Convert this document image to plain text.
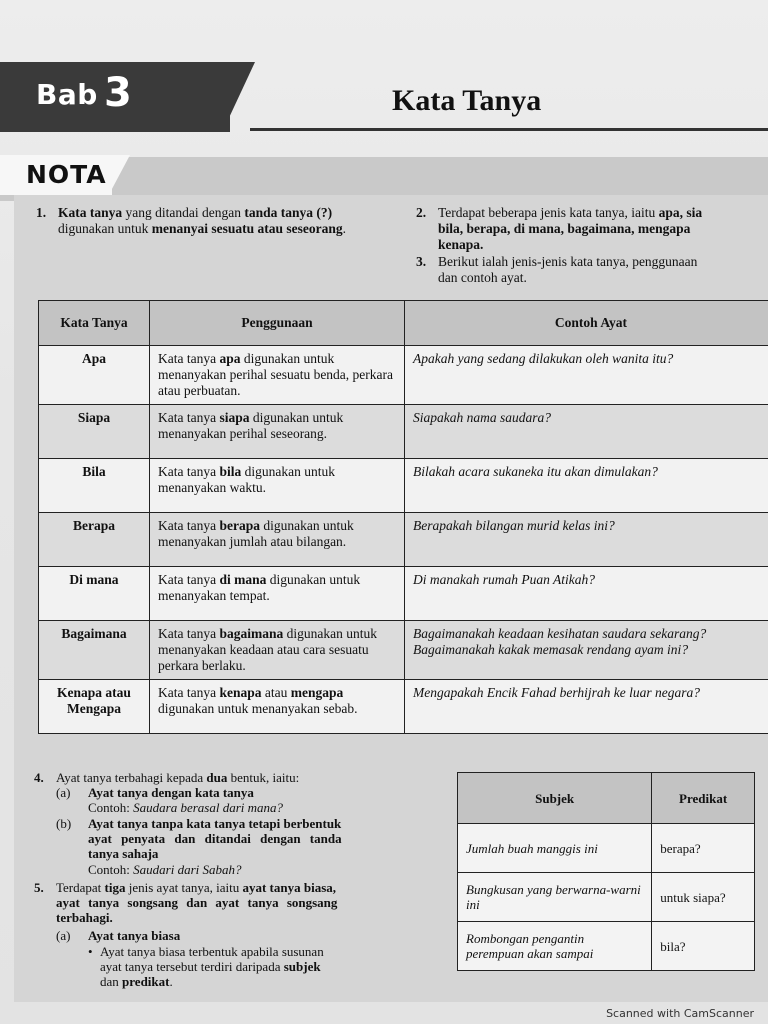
Bab 3	Kata Tanya
NOTA
1. Kata tanya yang ditandai dengan tanda tanya (?)
digunakan untuk menanyai sesuatu atau seseorang.
2. Terdapat beberapa jenis kata tanya, iaitu apa, sia
bila, berapa, di mana, bagaimana, mengapa
kenapa.
3. Berikut ialah jenis-jenis kata tanya, penggunaan
dan contoh ayat.
Kata Tanya	Penggunaan	Contoh Ayat
Apa	Kata tanya apa digunakan untuk menanyakan perihal sesuatu benda, perkara atau perbuatan.	Apakah yang sedang dilakukan oleh wanita itu?
Siapa	Kata tanya siapa digunakan untuk menanyakan perihal seseorang.	Siapakah nama saudara?
Bila	Kata tanya bila digunakan untuk menanyakan waktu.	Bilakah acara sukaneka itu akan dimulakan?
Berapa	Kata tanya berapa digunakan untuk menanyakan jumlah atau bilangan.	Berapakah bilangan murid kelas ini?
Di mana	Kata tanya di mana digunakan untuk menanyakan tempat.	Di manakah rumah Puan Atikah?
Bagaimana	Kata tanya bagaimana digunakan untuk menanyakan keadaan atau cara sesuatu perkara berlaku.	Bagaimanakah keadaan kesihatan saudara sekarang?
Bagaimanakah kakak memasak rendang ayam ini?
Kenapa atau Mengapa	Kata tanya kenapa atau mengapa digunakan untuk menanyakan sebab.	Mengapakah Encik Fahad berhijrah ke luar negara?
4. Ayat tanya terbahagi kepada dua bentuk, iaitu:
(a) Ayat tanya dengan kata tanya
Contoh: Saudara berasal dari mana?
(b) Ayat tanya tanpa kata tanya tetapi berbentuk
ayat penyata dan ditandai dengan tanda
tanya sahaja
Contoh: Saudari dari Sabah?
5. Terdapat tiga jenis ayat tanya, iaitu ayat tanya biasa,
ayat tanya songsang dan ayat tanya songsang
terbahagi.
(a) Ayat tanya biasa
• Ayat tanya biasa terbentuk apabila susunan
ayat tanya tersebut terdiri daripada subjek
dan predikat.
Subjek	Predikat
Jumlah buah manggis ini	berapa?
Bungkusan yang berwarna-warni ini	untuk siapa?
Rombongan pengantin perempuan akan sampai	bila?
Scanned with CamScanner
